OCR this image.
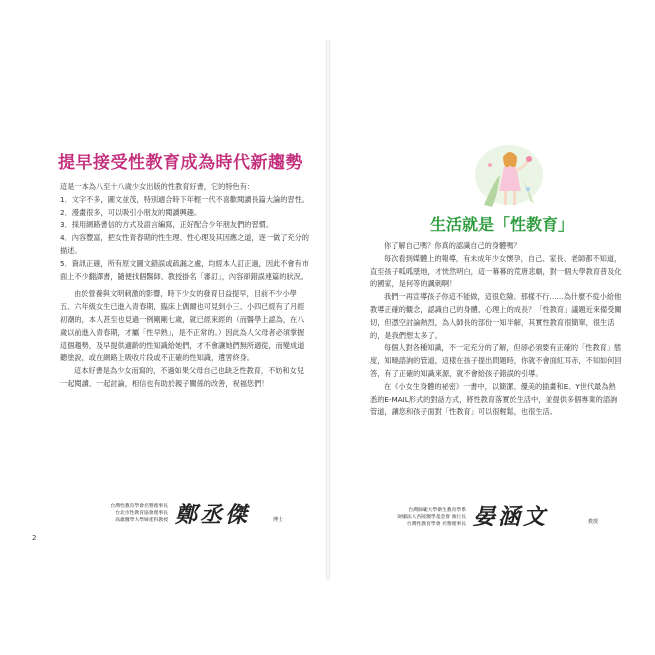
提早接受性教育成為時代新趨勢

這是一本為八至十八歲少女出版的性教育好書，它的特色有：

1．文字不多，圖文並茂，特別適合時下年輕一代不喜歡閱讀長篇大論的習性。

2．漫畫很多，可以吸引小朋友的閱讀興趣。

3．採用網路書信的方式及語言編寫，正好配合少年朋友們的習慣。

4．內容豐富，把女性青春期的性生理、性心理及其因應之道，逐一做了充分的描述。

5．資訊正確，所有原文圖文錯誤或疏漏之處，均經本人訂正過，因此不會有市面上不少翻譯書，隨便找個醫師、教授掛名「審訂」，內容卻錯誤連篇的狀況。

由於營養與文明刺激的影響，時下少女的發育日益提早，目前不少小學五、六年級女生已進入青春期，臨床上偶爾也可見到小三、小四已經有了月經初潮的，本人甚至也見過一例剛剛七歲，就已經來經的（而醫學上認為，在八歲以前進入青春期，才屬「性早熟」，是不正常的。）因此為人父母者必須掌握這個趨勢，及早提供適齡的性知識給她們，才不會讓她們無所適從，而變成道聽塗說，或在網路上吸收片段或不正確的性知識，遺害終身。

這本好書是為少女而寫的，不過如果父母自己也缺乏性教育，不妨和女兒一起閱讀、一起討論，相信也有助於親子關係的改善，祝福您們！

台灣性教育學會名譽理事長
台北市性教育協會理事長
高雄醫學大學婦產科教授 鄭丞傑	博士
2
生活就是「性教育」

你了解自己嗎？你真的認識自己的身體嗎？

每次看到媒體上的報導，有未成年少女懷孕，自己、家長、老師都不知道，直至孩子呱呱墜地，才恍然明白，這一幕幕的荒唐悲劇，對一個大學教育普及化的國家，是何等的諷刺啊！

我們一再宣導孩子你這不能做，這很危險、那樣不行……為什麼不從小給他教導正確的觀念，認識自己的身體、心理上的成長？「性教育」議題近來備受關切，但憑空討論熱烈，為人師長的部份一知半解，其實性教育很簡單，很生活的，是我們想太多了。

每個人對各種知識，不一定充分的了解，但卻必須要有正確的「性教育」態度，知曉諮詢的管道，這樣在孩子提出問題時，你就不會面紅耳赤，不知如何回答，有了正確的知識來源，就不會給孩子錯誤的引導。

在《小女生身體的祕密》一書中，以簡潔、優美的插畫和E、Y世代最為熟悉的E-MAIL形式的對話方式，將性教育落實於生活中，並提供多個專業的諮詢管道，讓您和孩子面對「性教育」可以很輕鬆，也很生活。

台灣師範大學衛生教育學系
財團法人杏陵醫學基金會 執行長
台灣性教育學會 名譽理事長 晏涵文	教授
